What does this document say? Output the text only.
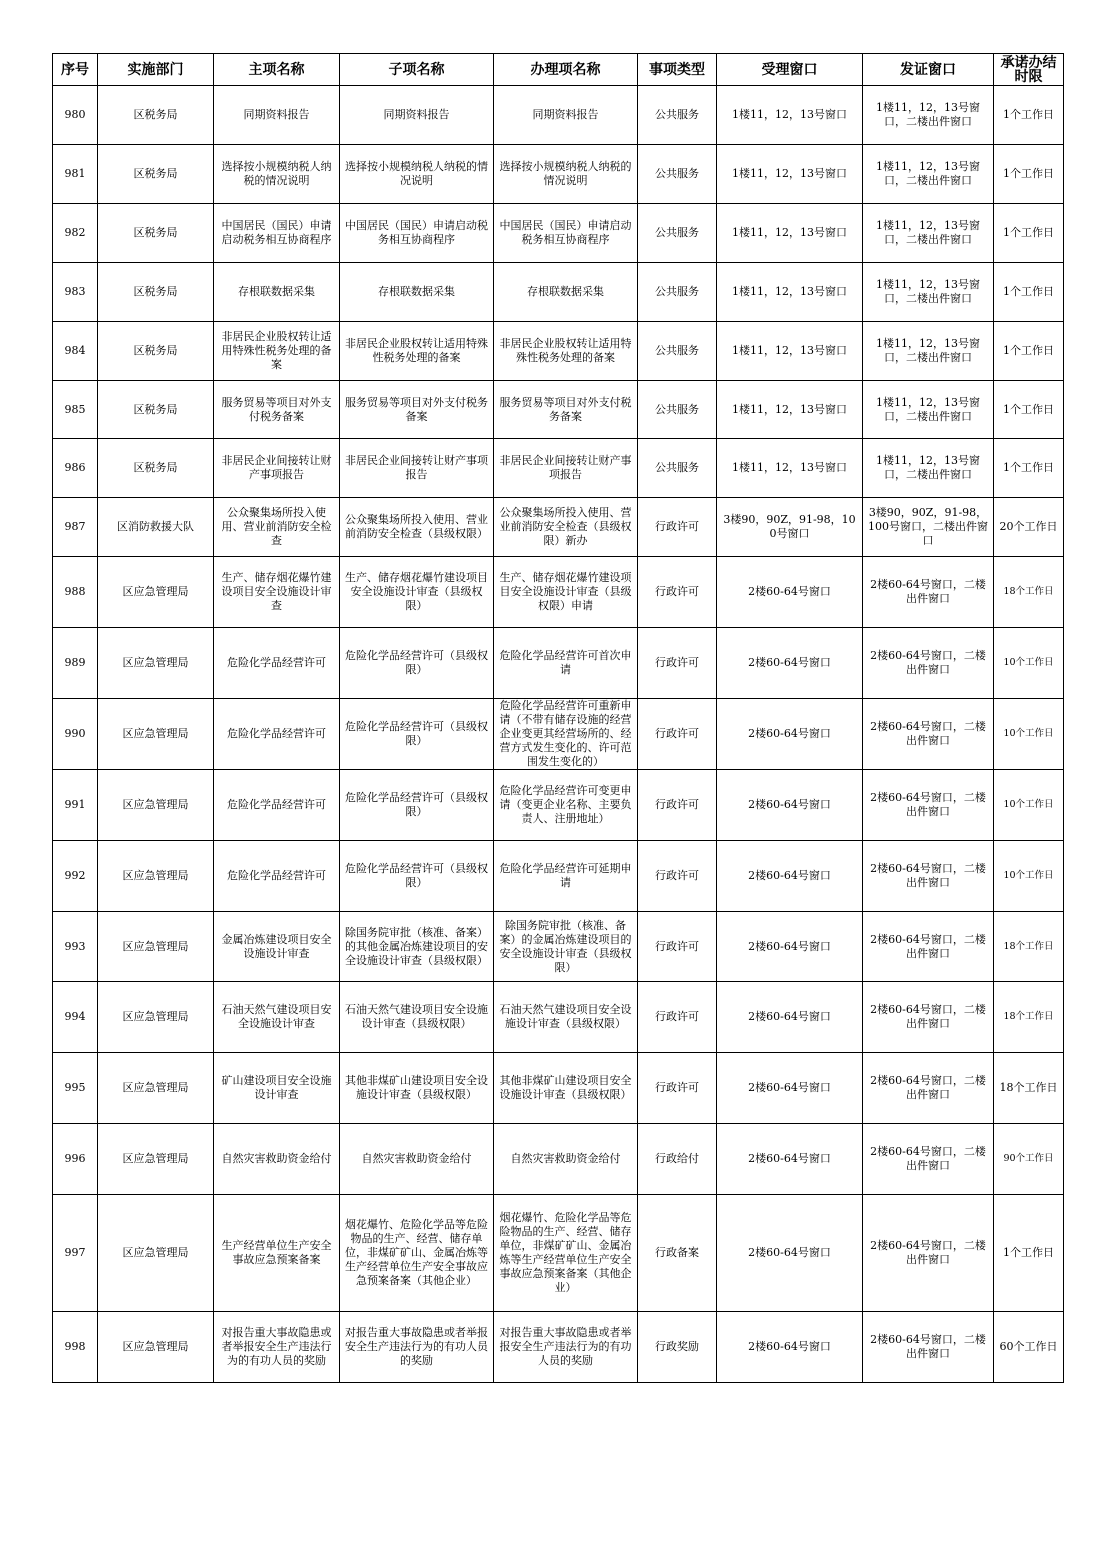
序号	实施部门	主项名称	子项名称	办理项名称	事项类型	受理窗口	发证窗口	承诺办结时限
980	区税务局	同期资料报告	同期资料报告	同期资料报告	公共服务	1楼11，12，13号窗口	1楼11，12，13号窗口，二楼出件窗口	1个工作日
981	区税务局	选择按小规模纳税人纳税的情况说明	选择按小规模纳税人纳税的情况说明	选择按小规模纳税人纳税的情况说明	公共服务	1楼11，12，13号窗口	1楼11，12，13号窗口，二楼出件窗口	1个工作日
982	区税务局	中国居民（国民）申请启动税务相互协商程序	中国居民（国民）申请启动税务相互协商程序	中国居民（国民）申请启动税务相互协商程序	公共服务	1楼11，12，13号窗口	1楼11，12，13号窗口，二楼出件窗口	1个工作日
983	区税务局	存根联数据采集	存根联数据采集	存根联数据采集	公共服务	1楼11，12，13号窗口	1楼11，12，13号窗口，二楼出件窗口	1个工作日
984	区税务局	非居民企业股权转让适用特殊性税务处理的备案	非居民企业股权转让适用特殊性税务处理的备案	非居民企业股权转让适用特殊性税务处理的备案	公共服务	1楼11，12，13号窗口	1楼11，12，13号窗口，二楼出件窗口	1个工作日
985	区税务局	服务贸易等项目对外支付税务备案	服务贸易等项目对外支付税务备案	服务贸易等项目对外支付税务备案	公共服务	1楼11，12，13号窗口	1楼11，12，13号窗口，二楼出件窗口	1个工作日
986	区税务局	非居民企业间接转让财产事项报告	非居民企业间接转让财产事项报告	非居民企业间接转让财产事项报告	公共服务	1楼11，12，13号窗口	1楼11，12，13号窗口，二楼出件窗口	1个工作日
987	区消防救援大队	公众聚集场所投入使用、营业前消防安全检查	公众聚集场所投入使用、营业前消防安全检查（县级权限）	公众聚集场所投入使用、营业前消防安全检查（县级权限）新办	行政许可	3楼90，90Z，91-98，100号窗口	3楼90，90Z，91-98，100号窗口，二楼出件窗口	20个工作日
988	区应急管理局	生产、储存烟花爆竹建设项目安全设施设计审查	生产、储存烟花爆竹建设项目安全设施设计审查（县级权限）	生产、储存烟花爆竹建设项目安全设施设计审查（县级权限）申请	行政许可	2楼60-64号窗口	2楼60-64号窗口，二楼出件窗口	18个工作日
989	区应急管理局	危险化学品经营许可	危险化学品经营许可（县级权限）	危险化学品经营许可首次申请	行政许可	2楼60-64号窗口	2楼60-64号窗口，二楼出件窗口	10个工作日
990	区应急管理局	危险化学品经营许可	危险化学品经营许可（县级权限）	危险化学品经营许可重新申请（不带有储存设施的经营企业变更其经营场所的、经营方式发生变化的、许可范围发生变化的）	行政许可	2楼60-64号窗口	2楼60-64号窗口，二楼出件窗口	10个工作日
991	区应急管理局	危险化学品经营许可	危险化学品经营许可（县级权限）	危险化学品经营许可变更申请（变更企业名称、主要负责人、注册地址）	行政许可	2楼60-64号窗口	2楼60-64号窗口，二楼出件窗口	10个工作日
992	区应急管理局	危险化学品经营许可	危险化学品经营许可（县级权限）	危险化学品经营许可延期申请	行政许可	2楼60-64号窗口	2楼60-64号窗口，二楼出件窗口	10个工作日
993	区应急管理局	金属冶炼建设项目安全设施设计审查	除国务院审批（核准、备案）的其他金属冶炼建设项目的安全设施设计审查（县级权限）	除国务院审批（核准、备案）的金属冶炼建设项目的安全设施设计审查（县级权限）	行政许可	2楼60-64号窗口	2楼60-64号窗口，二楼出件窗口	18个工作日
994	区应急管理局	石油天然气建设项目安全设施设计审查	石油天然气建设项目安全设施设计审查（县级权限）	石油天然气建设项目安全设施设计审查（县级权限）	行政许可	2楼60-64号窗口	2楼60-64号窗口，二楼出件窗口	18个工作日
995	区应急管理局	矿山建设项目安全设施设计审查	其他非煤矿山建设项目安全设施设计审查（县级权限）	其他非煤矿山建设项目安全设施设计审查（县级权限）	行政许可	2楼60-64号窗口	2楼60-64号窗口，二楼出件窗口	18个工作日
996	区应急管理局	自然灾害救助资金给付	自然灾害救助资金给付	自然灾害救助资金给付	行政给付	2楼60-64号窗口	2楼60-64号窗口，二楼出件窗口	90个工作日
997	区应急管理局	生产经营单位生产安全事故应急预案备案	烟花爆竹、危险化学品等危险物品的生产、经营、储存单位，非煤矿矿山、金属冶炼等生产经营单位生产安全事故应急预案备案（其他企业）	烟花爆竹、危险化学品等危险物品的生产、经营、储存单位，非煤矿矿山、金属冶炼等生产经营单位生产安全事故应急预案备案（其他企业）	行政备案	2楼60-64号窗口	2楼60-64号窗口，二楼出件窗口	1个工作日
998	区应急管理局	对报告重大事故隐患或者举报安全生产违法行为的有功人员的奖励	对报告重大事故隐患或者举报安全生产违法行为的有功人员的奖励	对报告重大事故隐患或者举报安全生产违法行为的有功人员的奖励	行政奖励	2楼60-64号窗口	2楼60-64号窗口，二楼出件窗口	60个工作日
